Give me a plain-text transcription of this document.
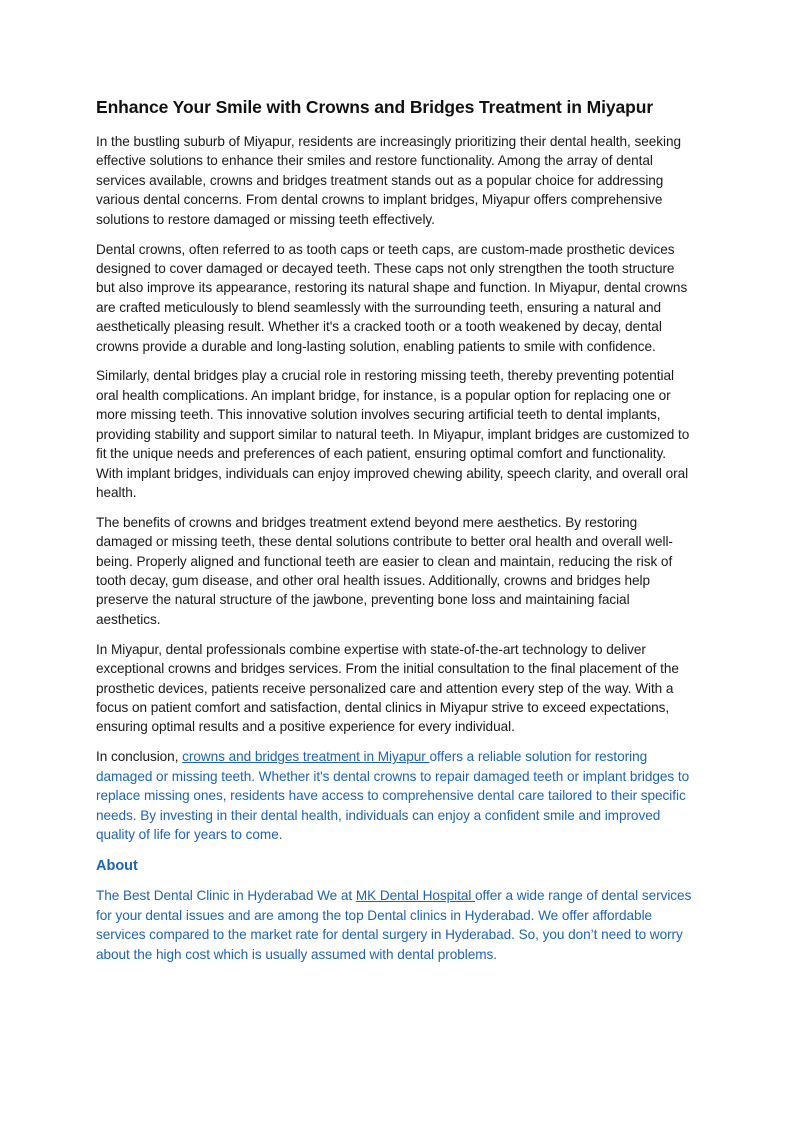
Enhance Your Smile with Crowns and Bridges Treatment in Miyapur

In the bustling suburb of Miyapur, residents are increasingly prioritizing their dental health, seeking effective solutions to enhance their smiles and restore functionality. Among the array of dental services available, crowns and bridges treatment stands out as a popular choice for addressing various dental concerns. From dental crowns to implant bridges, Miyapur offers comprehensive solutions to restore damaged or missing teeth effectively.

Dental crowns, often referred to as tooth caps or teeth caps, are custom-made prosthetic devices designed to cover damaged or decayed teeth. These caps not only strengthen the tooth structure but also improve its appearance, restoring its natural shape and function. In Miyapur, dental crowns are crafted meticulously to blend seamlessly with the surrounding teeth, ensuring a natural and aesthetically pleasing result. Whether it's a cracked tooth or a tooth weakened by decay, dental crowns provide a durable and long-lasting solution, enabling patients to smile with confidence.

Similarly, dental bridges play a crucial role in restoring missing teeth, thereby preventing potential oral health complications. An implant bridge, for instance, is a popular option for replacing one or more missing teeth. This innovative solution involves securing artificial teeth to dental implants, providing stability and support similar to natural teeth. In Miyapur, implant bridges are customized to fit the unique needs and preferences of each patient, ensuring optimal comfort and functionality. With implant bridges, individuals can enjoy improved chewing ability, speech clarity, and overall oral health.

The benefits of crowns and bridges treatment extend beyond mere aesthetics. By restoring damaged or missing teeth, these dental solutions contribute to better oral health and overall well-being. Properly aligned and functional teeth are easier to clean and maintain, reducing the risk of tooth decay, gum disease, and other oral health issues. Additionally, crowns and bridges help preserve the natural structure of the jawbone, preventing bone loss and maintaining facial aesthetics.

In Miyapur, dental professionals combine expertise with state-of-the-art technology to deliver exceptional crowns and bridges services. From the initial consultation to the final placement of the prosthetic devices, patients receive personalized care and attention every step of the way. With a focus on patient comfort and satisfaction, dental clinics in Miyapur strive to exceed expectations, ensuring optimal results and a positive experience for every individual.

In conclusion, crowns and bridges treatment in Miyapur offers a reliable solution for restoring damaged or missing teeth. Whether it's dental crowns to repair damaged teeth or implant bridges to replace missing ones, residents have access to comprehensive dental care tailored to their specific needs. By investing in their dental health, individuals can enjoy a confident smile and improved quality of life for years to come.

About

The Best Dental Clinic in Hyderabad We at MK Dental Hospital offer a wide range of dental services for your dental issues and are among the top Dental clinics in Hyderabad. We offer affordable services compared to the market rate for dental surgery in Hyderabad. So, you don’t need to worry about the high cost which is usually assumed with dental problems.
